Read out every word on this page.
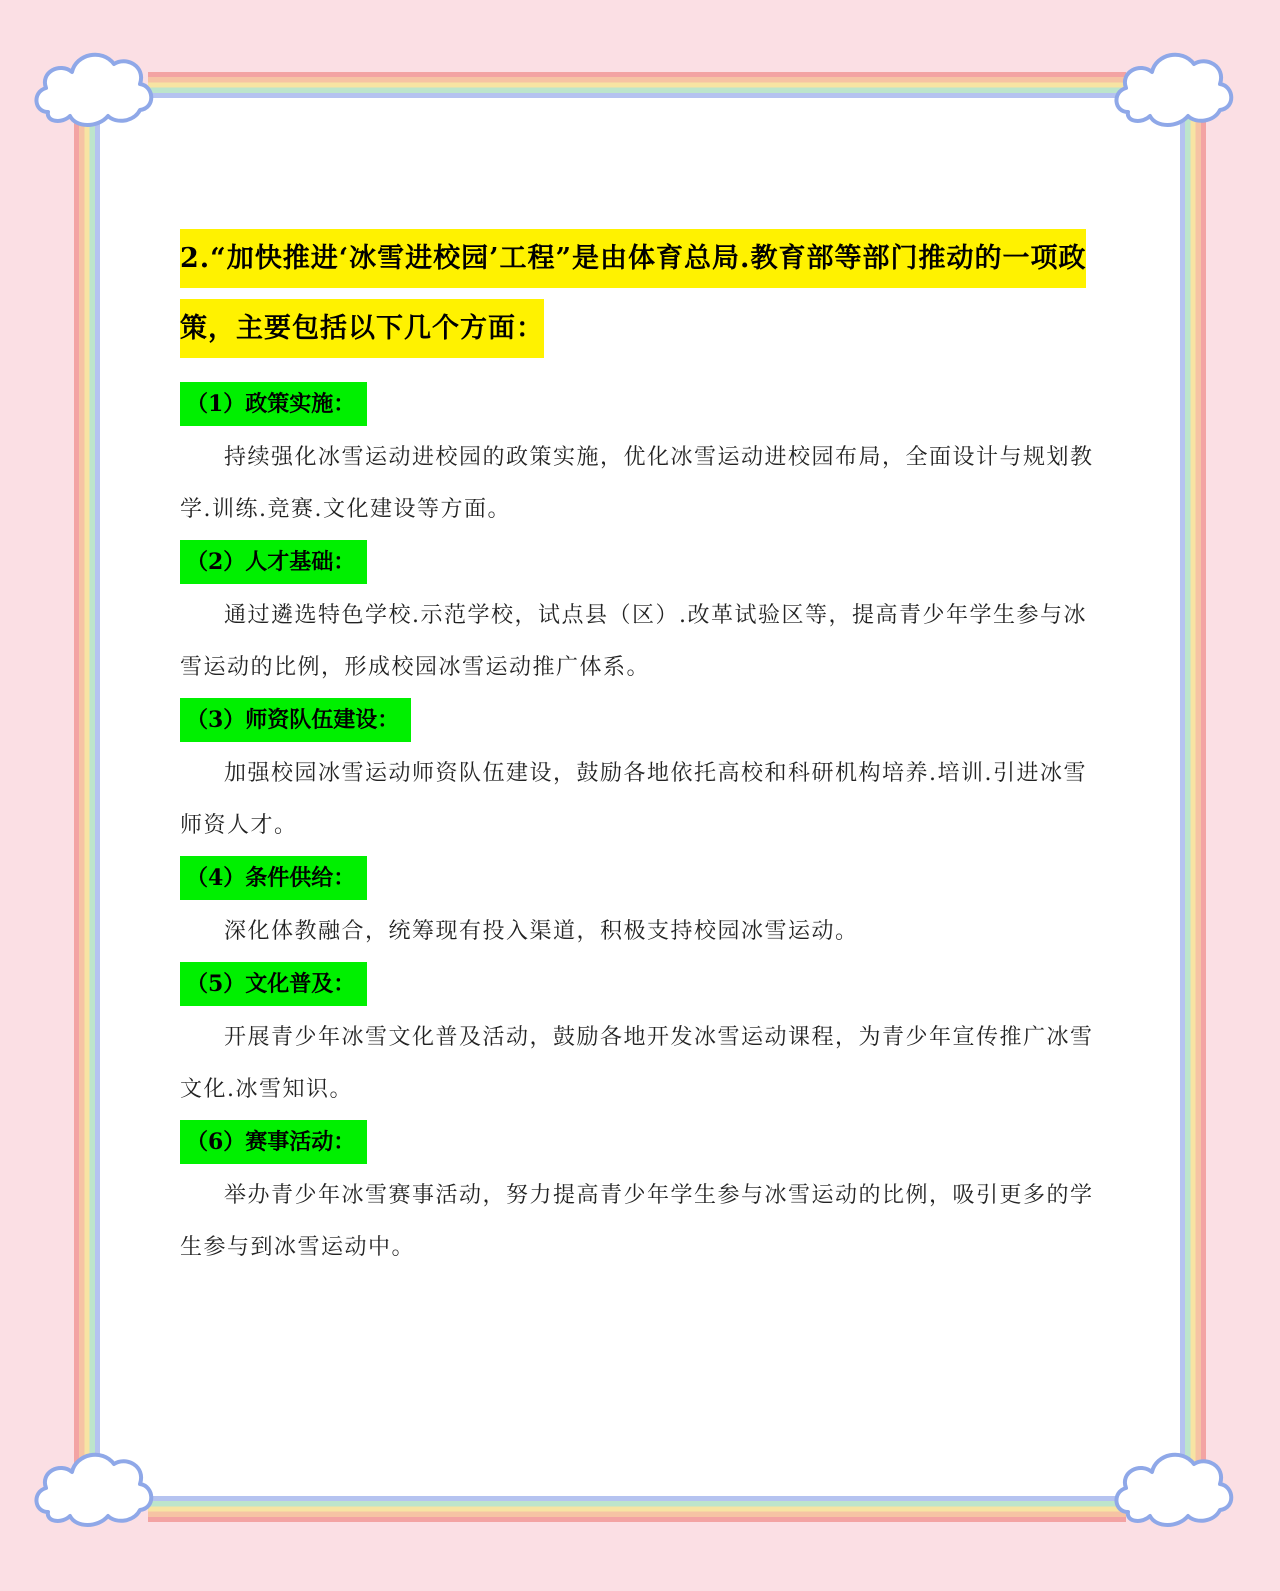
2.“加快推进‘冰雪进校园’工程”是由体育总局.教育部等部门推动的一项政策，主要包括以下几个方面：
（1）政策实施：

持续强化冰雪运动进校园的政策实施，优化冰雪运动进校园布局，全面设计与规划教学.训练.竞赛.文化建设等方面。

（2）人才基础：

通过遴选特色学校.示范学校，试点县（区）.改革试验区等，提高青少年学生参与冰雪运动的比例，形成校园冰雪运动推广体系。

（3）师资队伍建设：

加强校园冰雪运动师资队伍建设，鼓励各地依托高校和科研机构培养.培训.引进冰雪师资人才。

（4）条件供给：

深化体教融合，统筹现有投入渠道，积极支持校园冰雪运动。

（5）文化普及：

开展青少年冰雪文化普及活动，鼓励各地开发冰雪运动课程，为青少年宣传推广冰雪文化.冰雪知识。

（6）赛事活动：

举办青少年冰雪赛事活动，努力提高青少年学生参与冰雪运动的比例，吸引更多的学生参与到冰雪运动中。
